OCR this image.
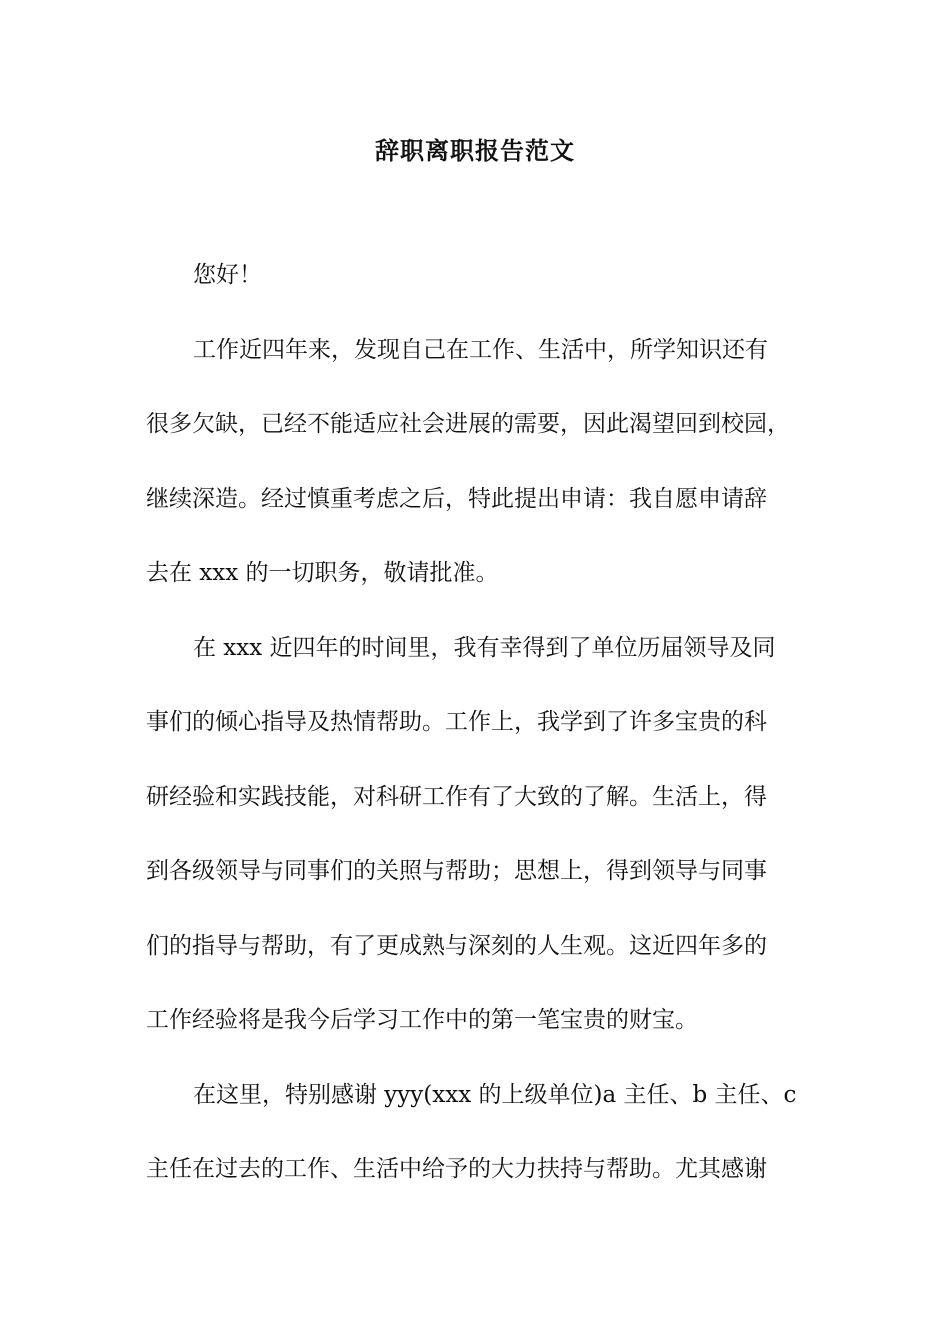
辞职离职报告范文
您好！
工作近四年来，发现自己在工作、生活中，所学知识还有
很多欠缺，已经不能适应社会进展的需要，因此渴望回到校园，
继续深造。经过慎重考虑之后，特此提出申请：我自愿申请辞
去在 xxx 的一切职务，敬请批准。
在 xxx 近四年的时间里，我有幸得到了单位历届领导及同
事们的倾心指导及热情帮助。工作上，我学到了许多宝贵的科
研经验和实践技能，对科研工作有了大致的了解。生活上，得
到各级领导与同事们的关照与帮助；思想上，得到领导与同事
们的指导与帮助，有了更成熟与深刻的人生观。这近四年多的
工作经验将是我今后学习工作中的第一笔宝贵的财宝。
在这里，特别感谢 yyy(xxx 的上级单位)a 主任、b 主任、c
主任在过去的工作、生活中给予的大力扶持与帮助。尤其感谢
